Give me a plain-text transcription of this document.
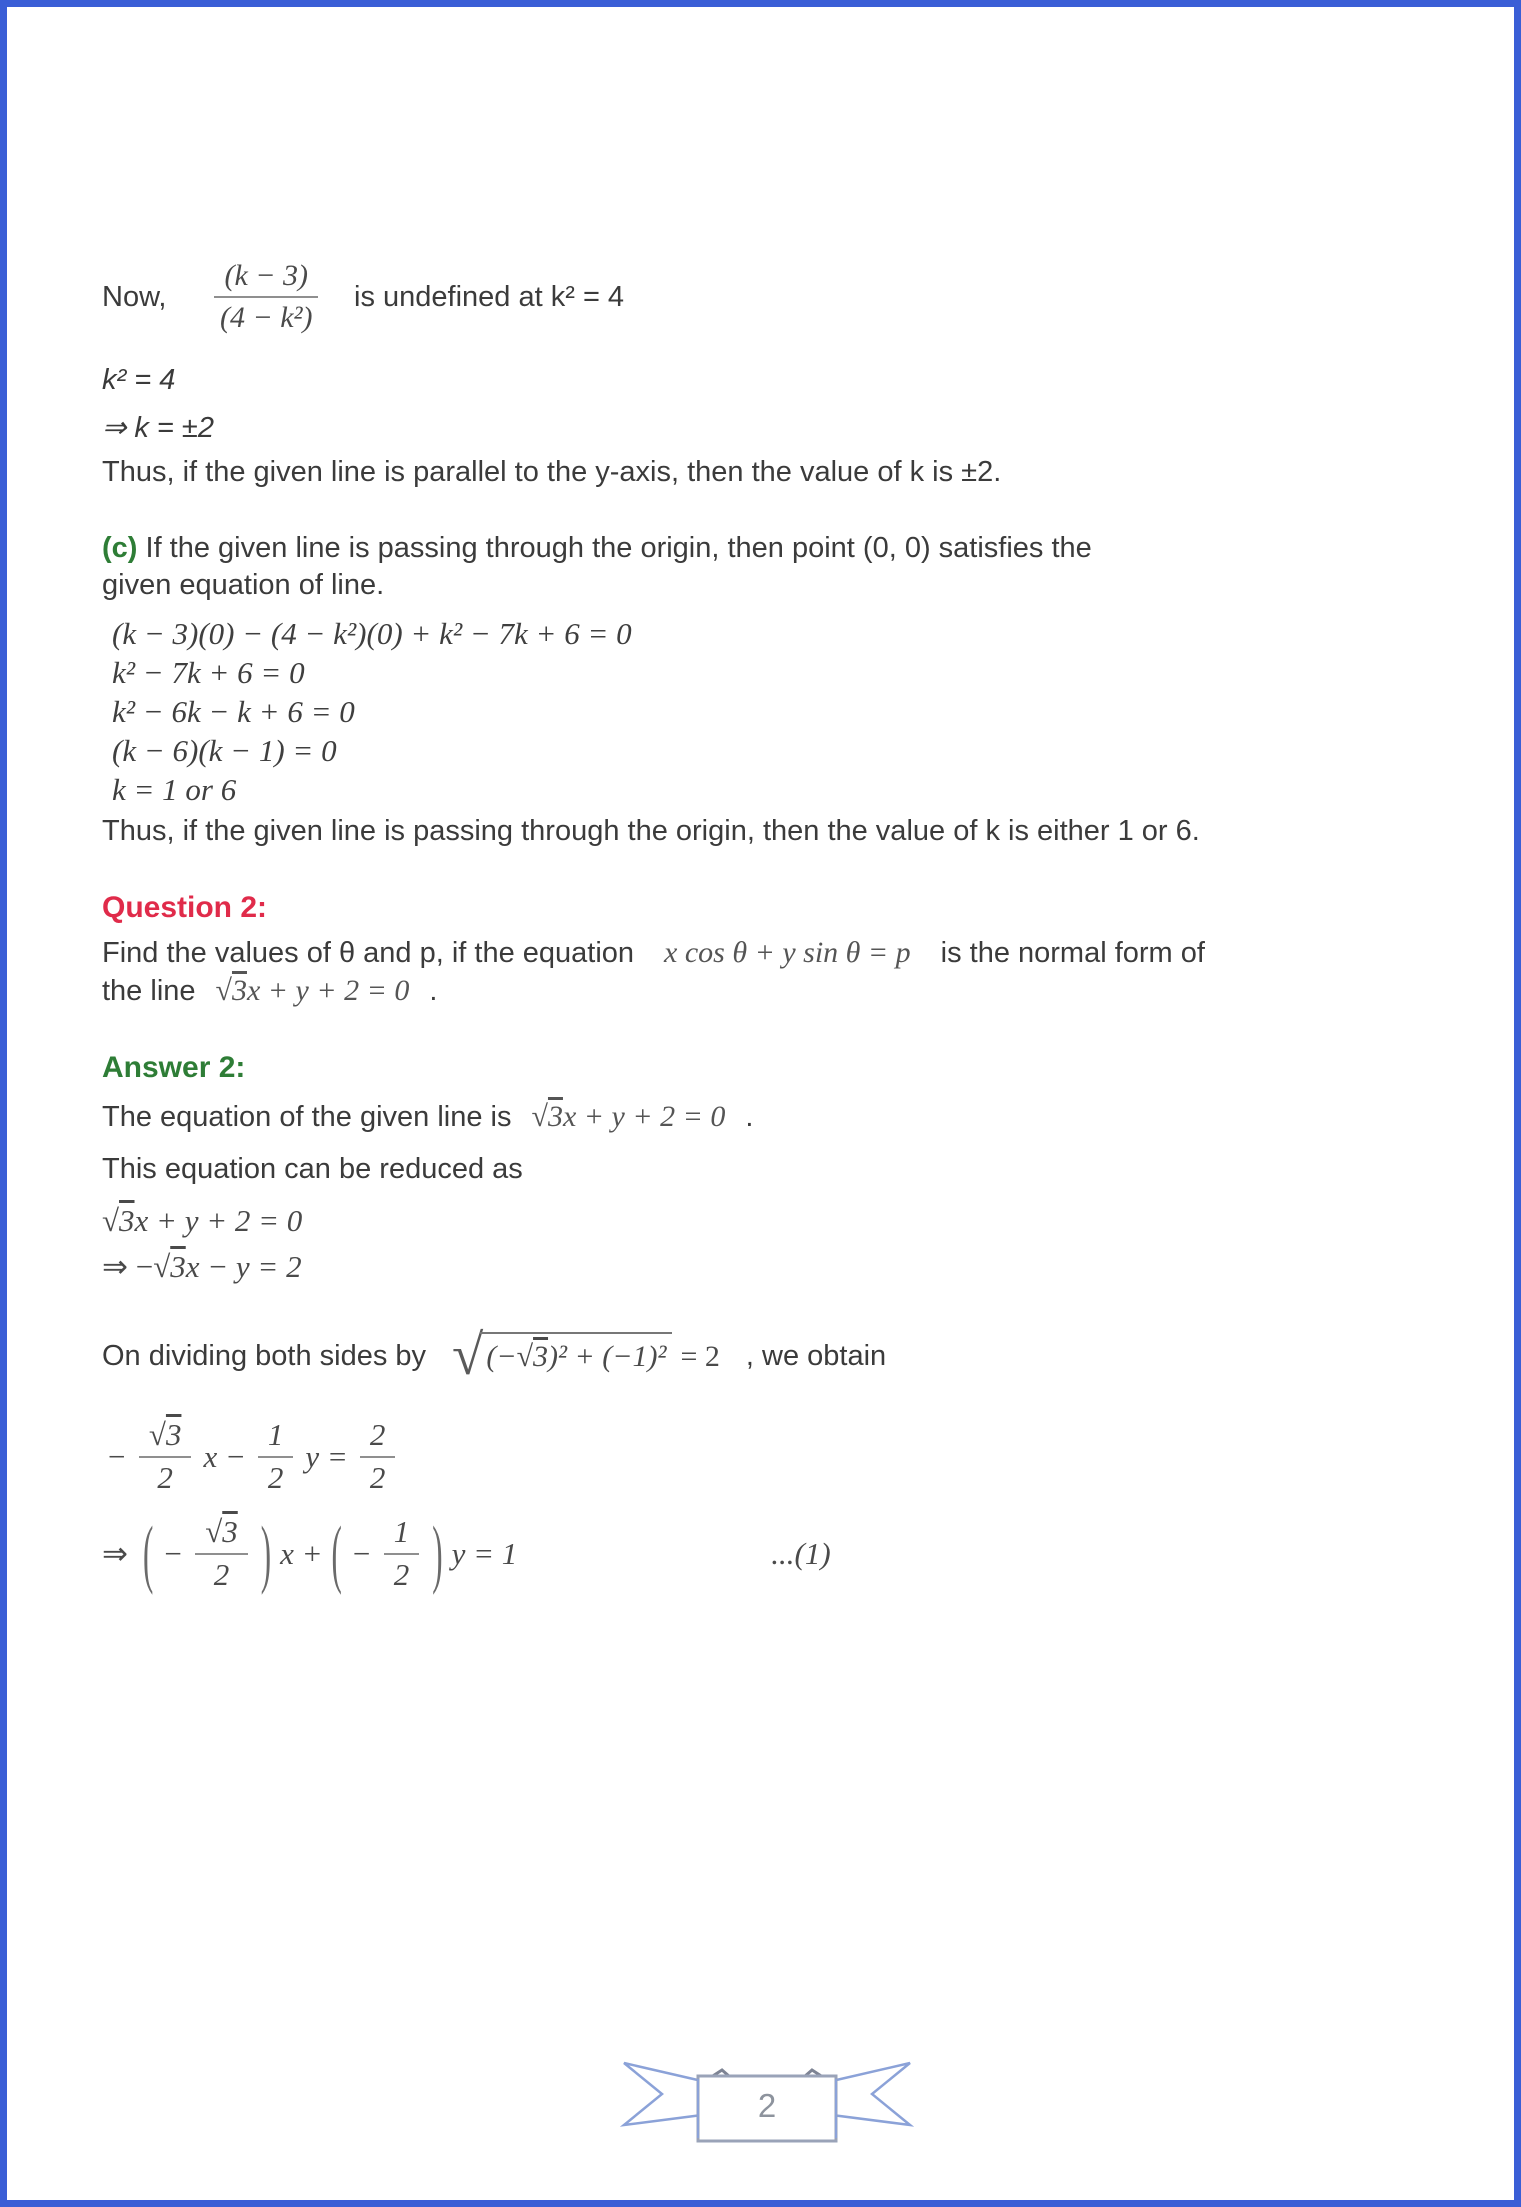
Now, $\frac{(k - 3)}{\text{(4 − k²)}}$ is undefined at k² = 4
k² = 4
⇒ k = ±2
Thus, if the given line is parallel to the y-axis, then the value of k is ±2.
(c) If the given line is passing through the origin, then point (0, 0) satisfies the
given equation of line.
(k − 3)(0) − (4 − k²)(0) + k² − 7k + 6 = 0
k² − 7k + 6 = 0
k² − 6k − k + 6 = 0
(k − 6)(k − 1) = 0
k = 1 or 6
Thus, if the given line is passing through the origin, then the value of k is either 1 or 6.
Question 2:
Find the values of θ and p, if the equation x cos θ + y sin θ = p is the normal form of
the line √3x + y + 2 = 0 .
Answer 2:
The equation of the given line is √3x + y + 2 = 0 .
This equation can be reduced as
√3x + y + 2 = 0
⇒ −√3x − y = 2
On dividing both sides by √ (−√3)² + (−1)² = 2 , we obtain
− $\frac{√3}{2}$ $x - \frac{1}{2}$ $y = \frac{2}{2}$
⇒ ( − $\frac{√3}{2}$ ) x + ( − $\frac{1}{2}$ ) y = 1	...(1)
2
